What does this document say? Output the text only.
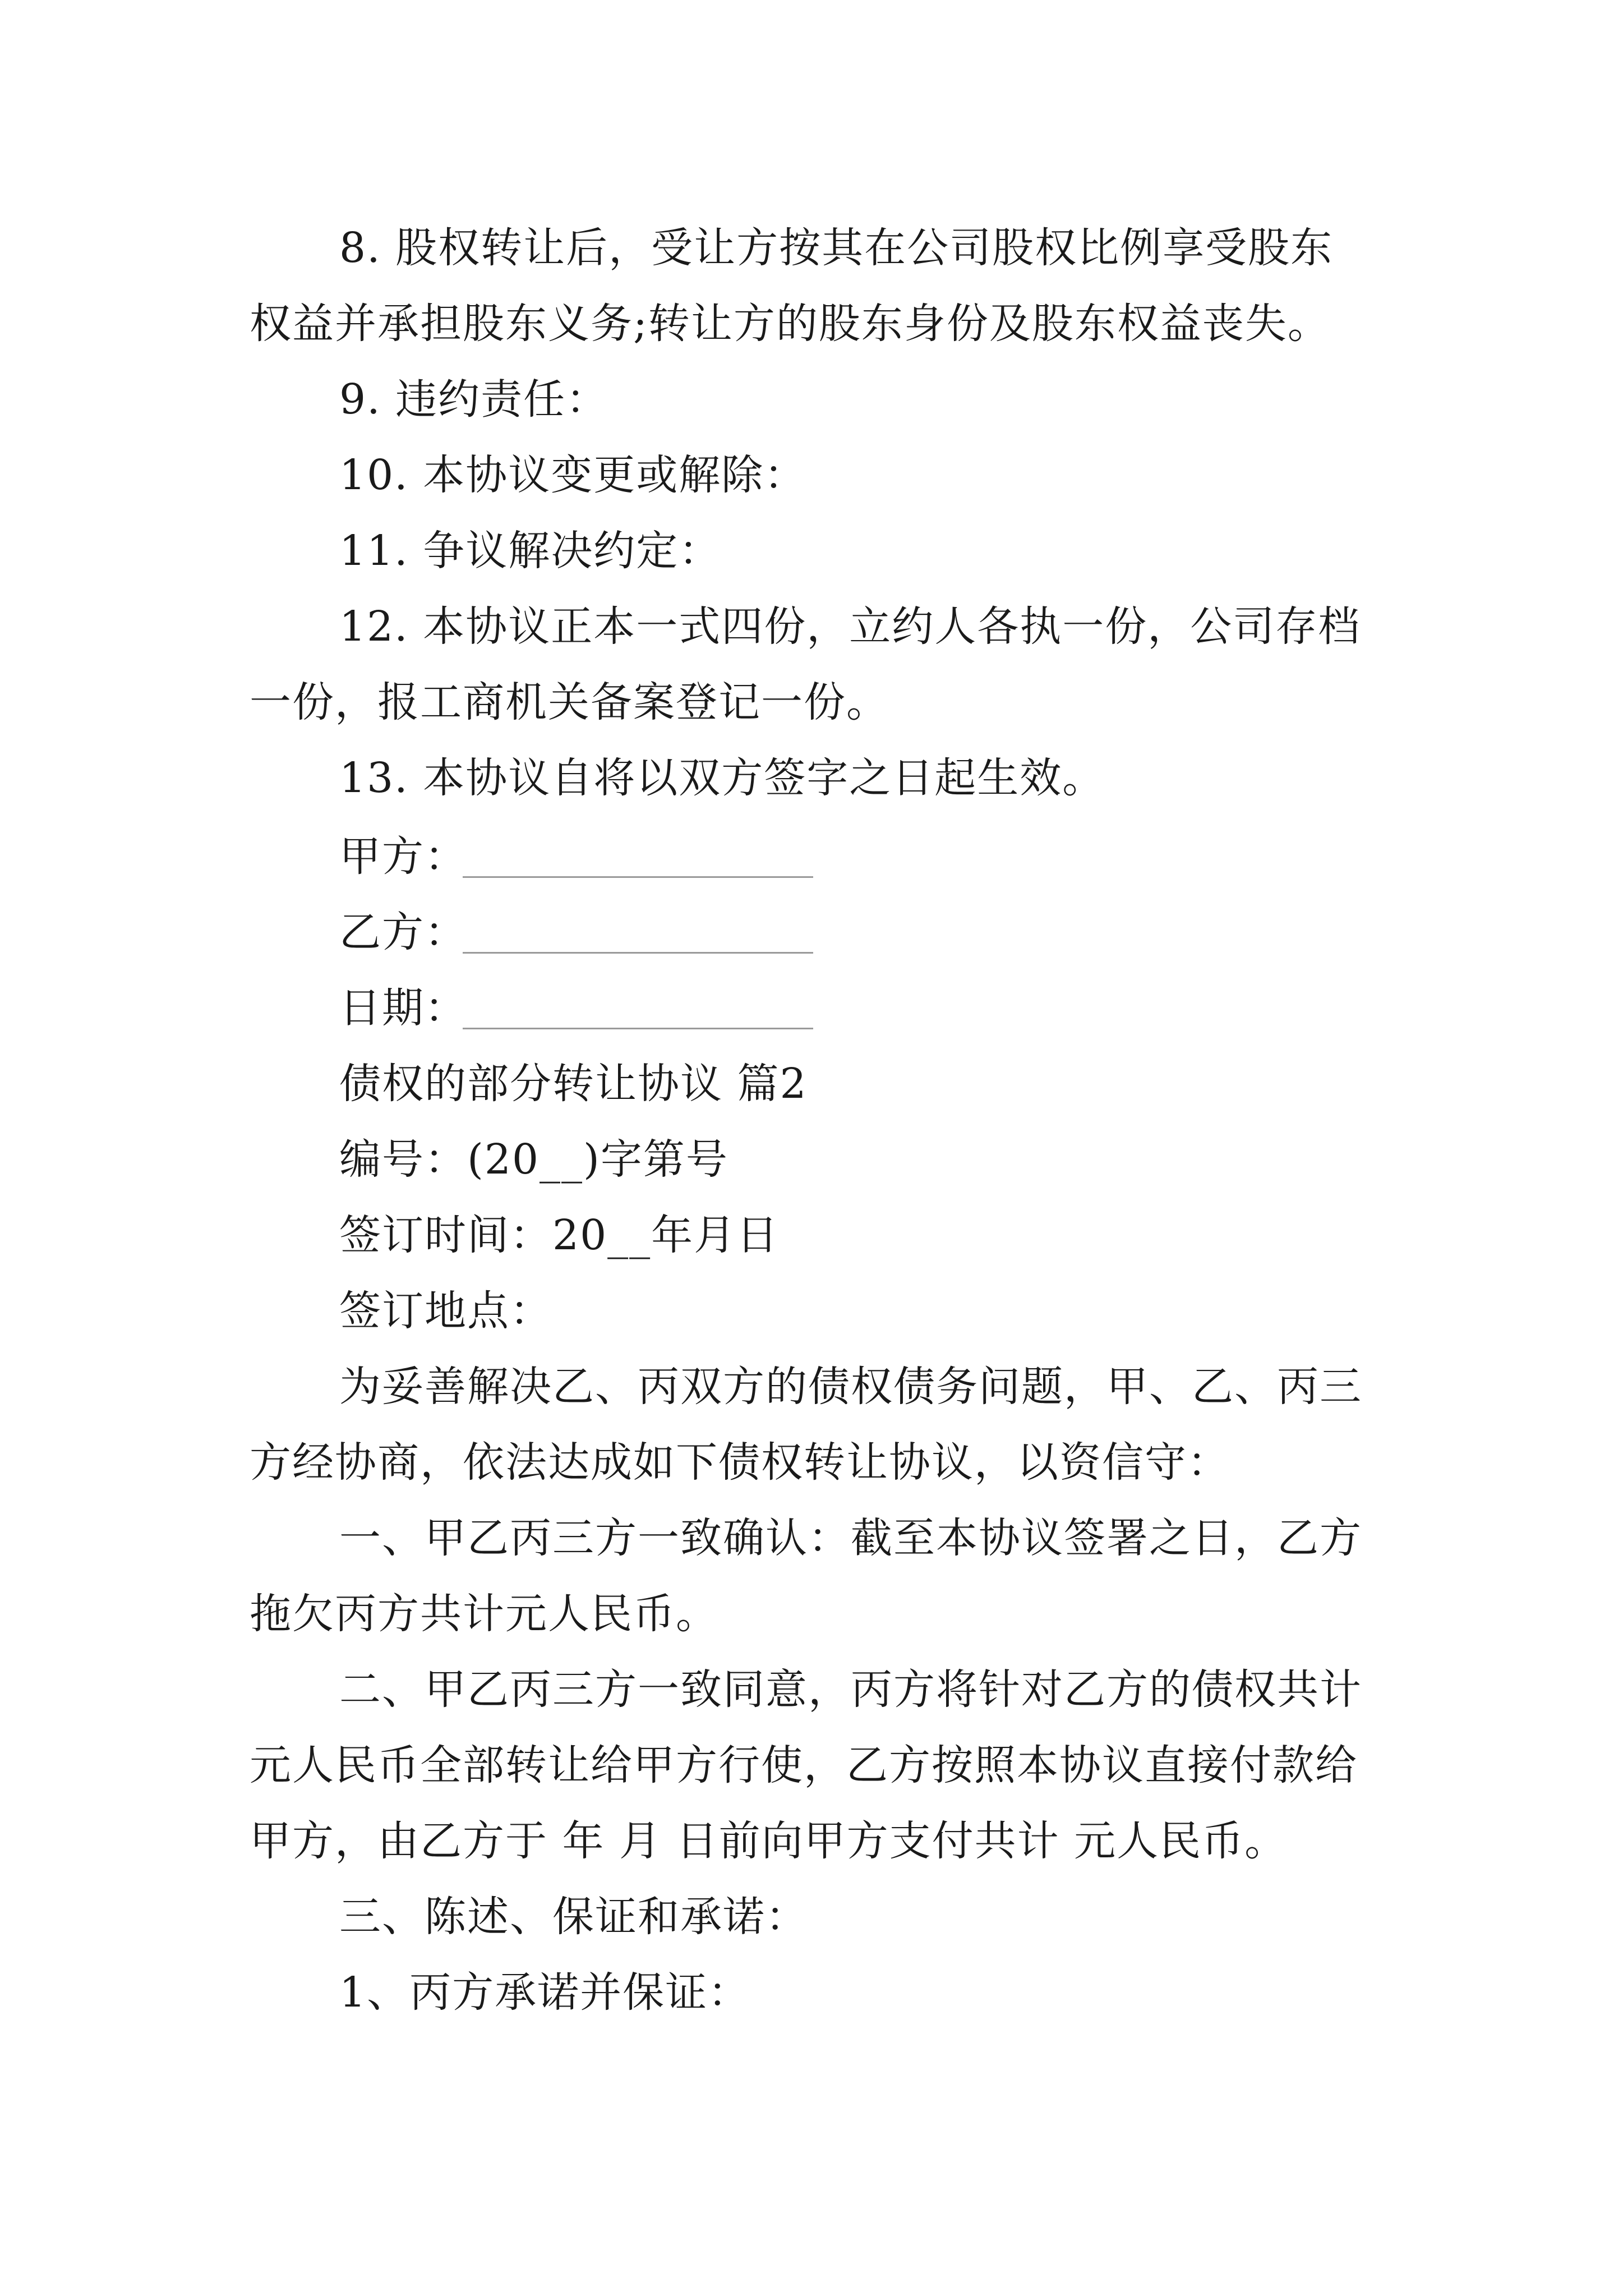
8. 股权转让后，受让方按其在公司股权比例享受股东

权益并承担股东义务;转让方的股东身份及股东权益丧失。

9. 违约责任：

10. 本协议变更或解除：

11. 争议解决约定：

12. 本协议正本一式四份，立约人各执一份，公司存档

一份，报工商机关备案登记一份。

13. 本协议自将以双方签字之日起生效。

甲方：

乙方：

日期：

债权的部分转让协议 篇2

编号：(20__)字第号

签订时间：20__年月日

签订地点：

为妥善解决乙、丙双方的债权债务问题，甲、乙、丙三

方经协商，依法达成如下债权转让协议，以资信守：

一、甲乙丙三方一致确认：截至本协议签署之日，乙方

拖欠丙方共计元人民币。

二、甲乙丙三方一致同意，丙方将针对乙方的债权共计

元人民币全部转让给甲方行使，乙方按照本协议直接付款给

甲方，由乙方于 年 月 日前向甲方支付共计 元人民币。

三、陈述、保证和承诺：

1、丙方承诺并保证：
